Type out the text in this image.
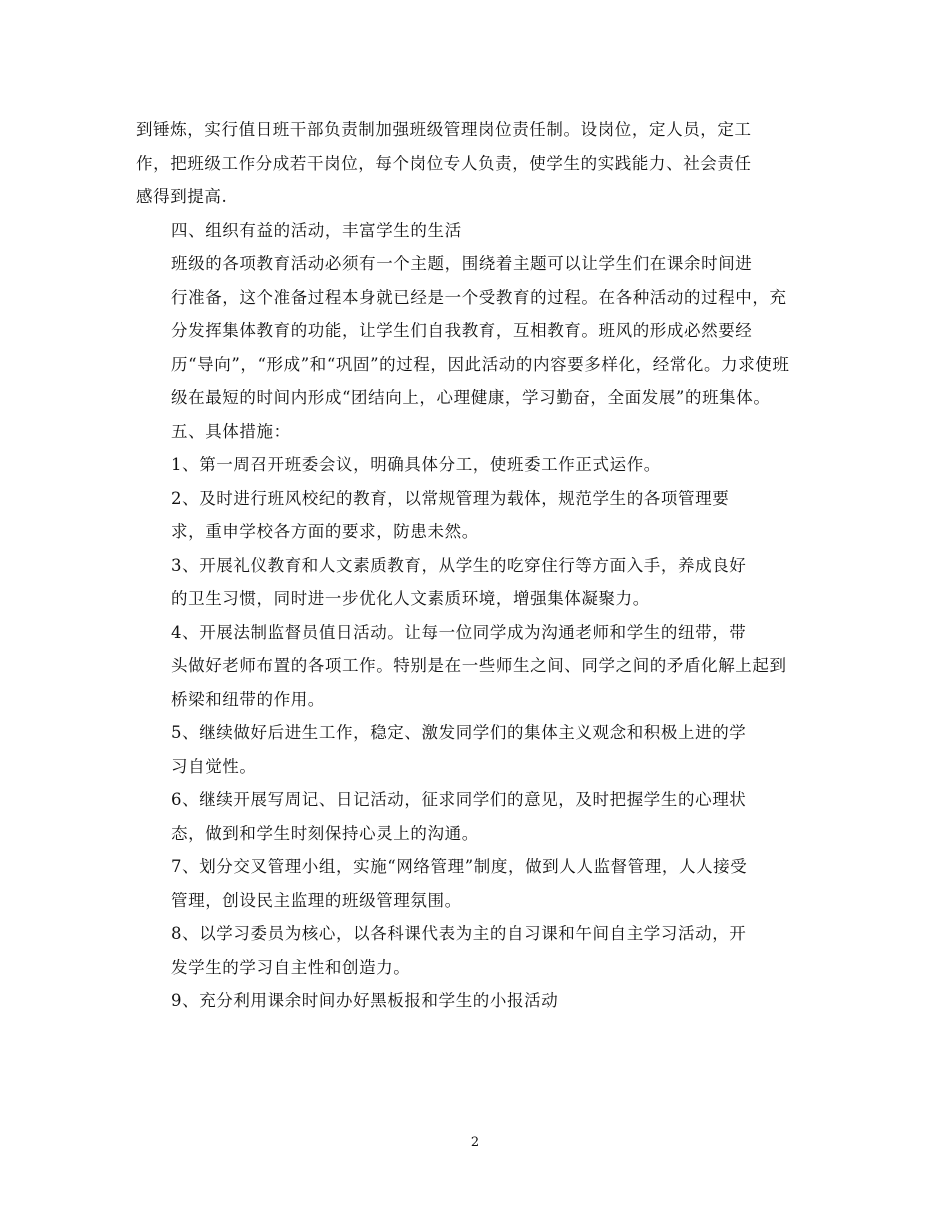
到锤炼，实行值日班干部负责制加强班级管理岗位责任制。设岗位，定人员，定工
作，把班级工作分成若干岗位，每个岗位专人负责，使学生的实践能力、社会责任
感得到提高.

四、组织有益的活动，丰富学生的生活

班级的各项教育活动必须有一个主题，围绕着主题可以让学生们在课余时间进
行准备，这个准备过程本身就已经是一个受教育的过程。在各种活动的过程中，充
分发挥集体教育的功能，让学生们自我教育，互相教育。班风的形成必然要经
历“导向”，“形成”和“巩固”的过程，因此活动的内容要多样化，经常化。力求使班
级在最短的时间内形成“团结向上，心理健康，学习勤奋，全面发展”的班集体。

五、具体措施：

1、第一周召开班委会议，明确具体分工，使班委工作正式运作。

2、及时进行班风校纪的教育，以常规管理为载体，规范学生的各项管理要
求，重申学校各方面的要求，防患未然。

3、开展礼仪教育和人文素质教育，从学生的吃穿住行等方面入手，养成良好
的卫生习惯，同时进一步优化人文素质环境，增强集体凝聚力。

4、开展法制监督员值日活动。让每一位同学成为沟通老师和学生的纽带，带
头做好老师布置的各项工作。特别是在一些师生之间、同学之间的矛盾化解上起到
桥梁和纽带的作用。

5、继续做好后进生工作，稳定、激发同学们的集体主义观念和积极上进的学
习自觉性。

6、继续开展写周记、日记活动，征求同学们的意见，及时把握学生的心理状
态，做到和学生时刻保持心灵上的沟通。

7、划分交叉管理小组，实施“网络管理”制度，做到人人监督管理，人人接受
管理，创设民主监理的班级管理氛围。

8、以学习委员为核心，以各科课代表为主的自习课和午间自主学习活动，开
发学生的学习自主性和创造力。

9、充分利用课余时间办好黑板报和学生的小报活动

2
